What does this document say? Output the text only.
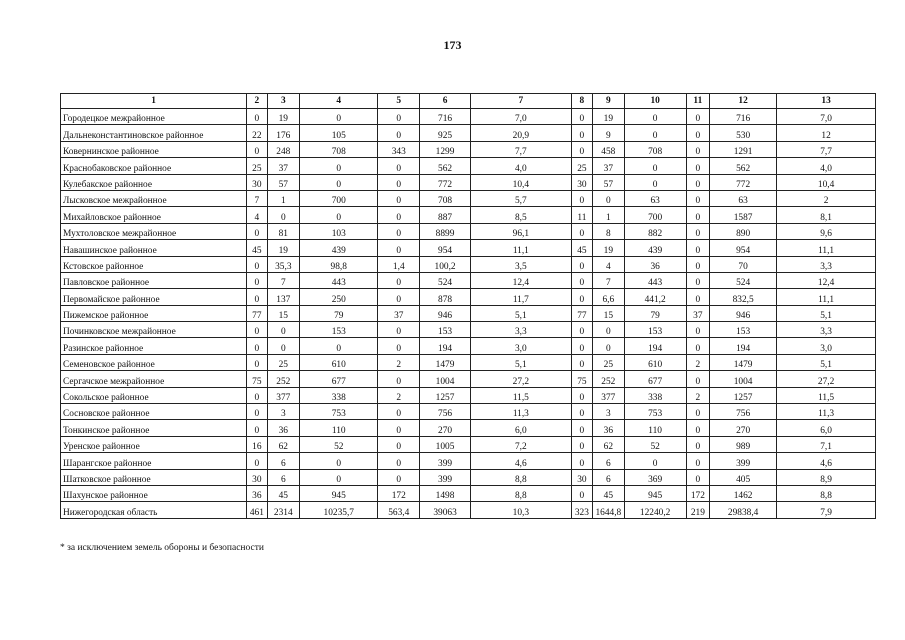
173
1	2	3	4	5	6	7	8	9	10	11	12	13
Городецкое межрайонное	0	19	0	0	716	7,0	0	19	0	0	716	7,0
Дальнеконстантиновское районное	22	176	105	0	925	20,9	0	9	0	0	530	12
Ковернинское районное	0	248	708	343	1299	7,7	0	458	708	0	1291	7,7
Краснобаковское районное	25	37	0	0	562	4,0	25	37	0	0	562	4,0
Кулебакское районное	30	57	0	0	772	10,4	30	57	0	0	772	10,4
Лысковское межрайонное	7	1	700	0	708	5,7	0	0	63	0	63	2
Михайловское районное	4	0	0	0	887	8,5	11	1	700	0	1587	8,1
Мухтоловское межрайонное	0	81	103	0	8899	96,1	0	8	882	0	890	9,6
Навашинское районное	45	19	439	0	954	11,1	45	19	439	0	954	11,1
Кстовское районное	0	35,3	98,8	1,4	100,2	3,5	0	4	36	0	70	3,3
Павловское районное	0	7	443	0	524	12,4	0	7	443	0	524	12,4
Первомайское районное	0	137	250	0	878	11,7	0	6,6	441,2	0	832,5	11,1
Пижемское районное	77	15	79	37	946	5,1	77	15	79	37	946	5,1
Починковское межрайонное	0	0	153	0	153	3,3	0	0	153	0	153	3,3
Разинское районное	0	0	0	0	194	3,0	0	0	194	0	194	3,0
Семеновское районное	0	25	610	2	1479	5,1	0	25	610	2	1479	5,1
Сергачское межрайонное	75	252	677	0	1004	27,2	75	252	677	0	1004	27,2
Сокольское районное	0	377	338	2	1257	11,5	0	377	338	2	1257	11,5
Сосновское районное	0	3	753	0	756	11,3	0	3	753	0	756	11,3
Тонкинское районное	0	36	110	0	270	6,0	0	36	110	0	270	6,0
Уренское районное	16	62	52	0	1005	7,2	0	62	52	0	989	7,1
Шарангское районное	0	6	0	0	399	4,6	0	6	0	0	399	4,6
Шатковское районное	30	6	0	0	399	8,8	30	6	369	0	405	8,9
Шахунское районное	36	45	945	172	1498	8,8	0	45	945	172	1462	8,8
Нижегородская область	461	2314	10235,7	563,4	39063	10,3	323	1644,8	12240,2	219	29838,4	7,9
* за исключением земель обороны и безопасности
